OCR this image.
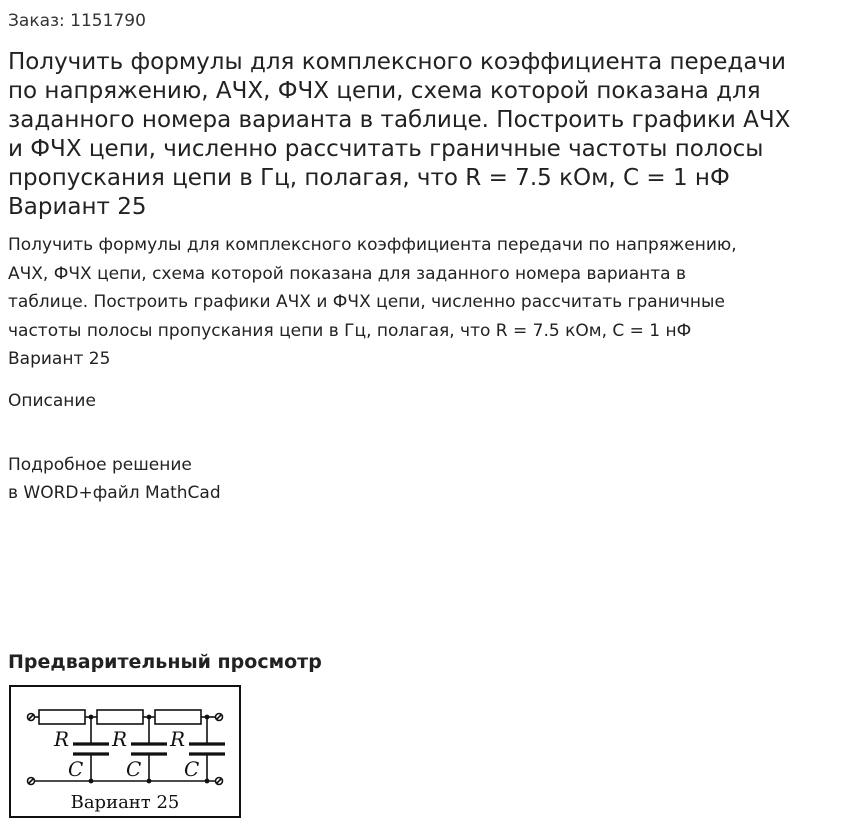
Заказ: 1151790
Получить формулы для комплексного коэффициента передачи
по напряжению, АЧХ, ФЧХ цепи, схема которой показана для
заданного номера варианта в таблице. Построить графики АЧХ
и ФЧХ цепи, численно рассчитать граничные частоты полосы
пропускания цепи в Гц, полагая, что R = 7.5 кОм, С = 1 нФ
Вариант 25
Получить формулы для комплексного коэффициента передачи по напряжению,
АЧХ, ФЧХ цепи, схема которой показана для заданного номера варианта в
таблице. Построить графики АЧХ и ФЧХ цепи, численно рассчитать граничные
частоты полосы пропускания цепи в Гц, полагая, что R = 7.5 кОм, С = 1 нФ
Вариант 25
Описание
Подробное решение
в WORD+файл MathCad
Предварительный просмотр
R R R
C C C
Вариант 25
